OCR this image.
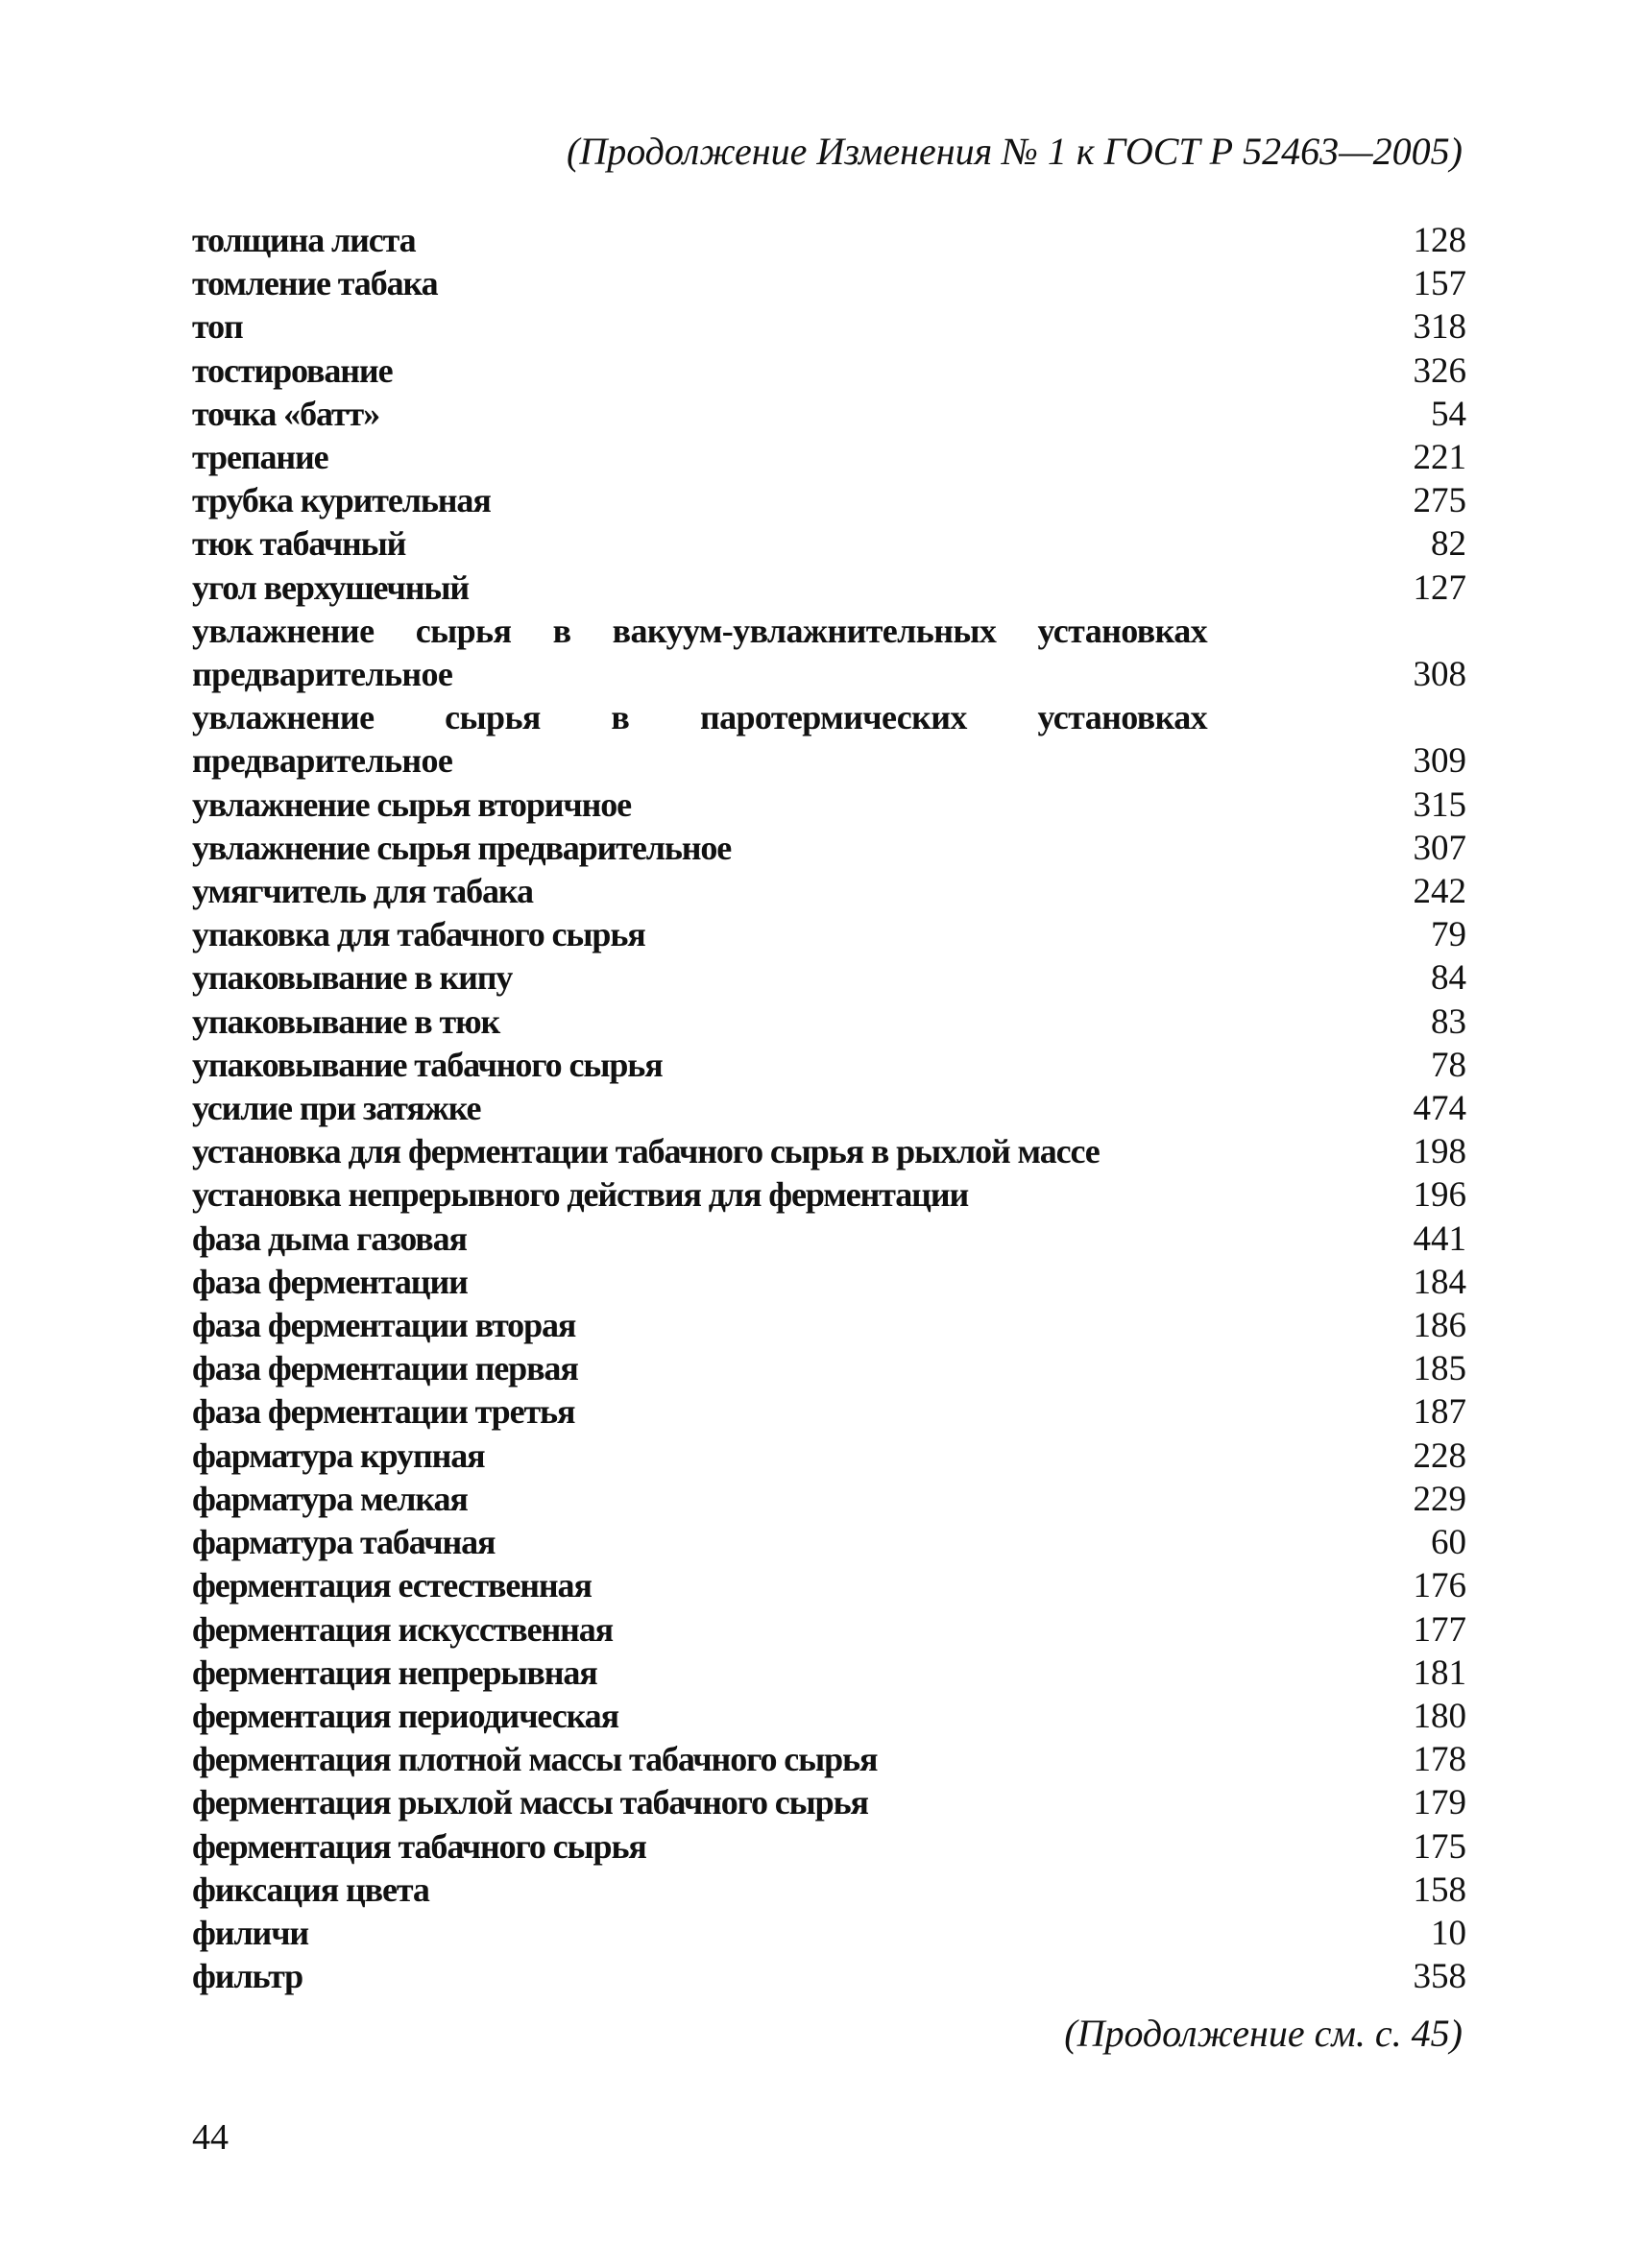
(Продолжение Изменения № 1 к ГОСТ Р 52463—2005)
толщина листа	128
томление табака	157
топ	318
тостирование	326
точка «батт»	54
трепание	221
трубка курительная	275
тюк табачный	82
угол верхушечный	127
увлажнение сырья в вакуум-увлажнительных установках предварительное	308
увлажнение сырья в паротермических установках предварительное	309
увлажнение сырья вторичное	315
увлажнение сырья предварительное	307
умягчитель для табака	242
упаковка для табачного сырья	79
упаковывание в кипу	84
упаковывание в тюк	83
упаковывание табачного сырья	78
усилие при затяжке	474
установка для ферментации табачного сырья в рыхлой массе	198
установка непрерывного действия для ферментации	196
фаза дыма газовая	441
фаза ферментации	184
фаза ферментации вторая	186
фаза ферментации первая	185
фаза ферментации третья	187
фарматура крупная	228
фарматура мелкая	229
фарматура табачная	60
ферментация естественная	176
ферментация искусственная	177
ферментация непрерывная	181
ферментация периодическая	180
ферментация плотной массы табачного сырья	178
ферментация рыхлой массы табачного сырья	179
ферментация табачного сырья	175
фиксация цвета	158
филичи	10
фильтр	358
(Продолжение см. с. 45)
44
